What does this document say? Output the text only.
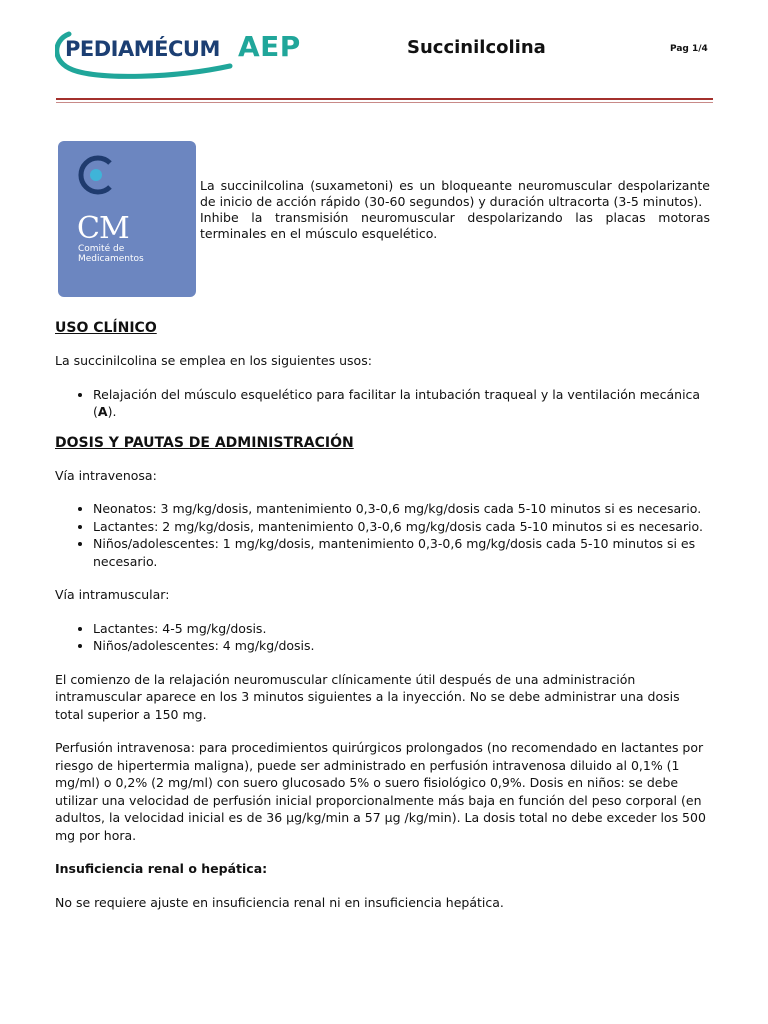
PEDIAMÉCUM AEP	Succinilcolina	Pag 1/4
CM
Comité de
Medicamentos

La succinilcolina (suxametoni) es un bloqueante neuromuscular despolarizante de inicio de acción rápido (30-60 segundos) y duración ultracorta (3-5 minutos).

Inhibe la transmisión neuromuscular despolarizando las placas motoras terminales en el músculo esquelético.

USO CLÍNICO

La succinilcolina se emplea en los siguientes usos:

• Relajación del músculo esquelético para facilitar la intubación traqueal y la ventilación mecánica (A).
DOSIS Y PAUTAS DE ADMINISTRACIÓN

Vía intravenosa:

• Neonatos: 3 mg/kg/dosis, mantenimiento 0,3-0,6 mg/kg/dosis cada 5-10 minutos si es necesario.
• Lactantes: 2 mg/kg/dosis, mantenimiento 0,3-0,6 mg/kg/dosis cada 5-10 minutos si es necesario.
• Niños/adolescentes: 1 mg/kg/dosis, mantenimiento 0,3-0,6 mg/kg/dosis cada 5-10 minutos si es necesario.

Vía intramuscular:

• Lactantes: 4-5 mg/kg/dosis.
• Niños/adolescentes: 4 mg/kg/dosis.

El comienzo de la relajación neuromuscular clínicamente útil después de una administración intramuscular aparece en los 3 minutos siguientes a la inyección. No se debe administrar una dosis total superior a 150 mg.

Perfusión intravenosa: para procedimientos quirúrgicos prolongados (no recomendado en lactantes por riesgo de hipertermia maligna), puede ser administrado en perfusión intravenosa diluido al 0,1% (1 mg/ml) o 0,2% (2 mg/ml) con suero glucosado 5% o suero fisiológico 0,9%. Dosis en niños: se debe utilizar una velocidad de perfusión inicial proporcionalmente más baja en función del peso corporal (en adultos, la velocidad inicial es de 36 µg/kg/min a 57 µg /kg/min). La dosis total no debe exceder los 500 mg por hora.

Insuficiencia renal o hepática:

No se requiere ajuste en insuficiencia renal ni en insuficiencia hepática.
